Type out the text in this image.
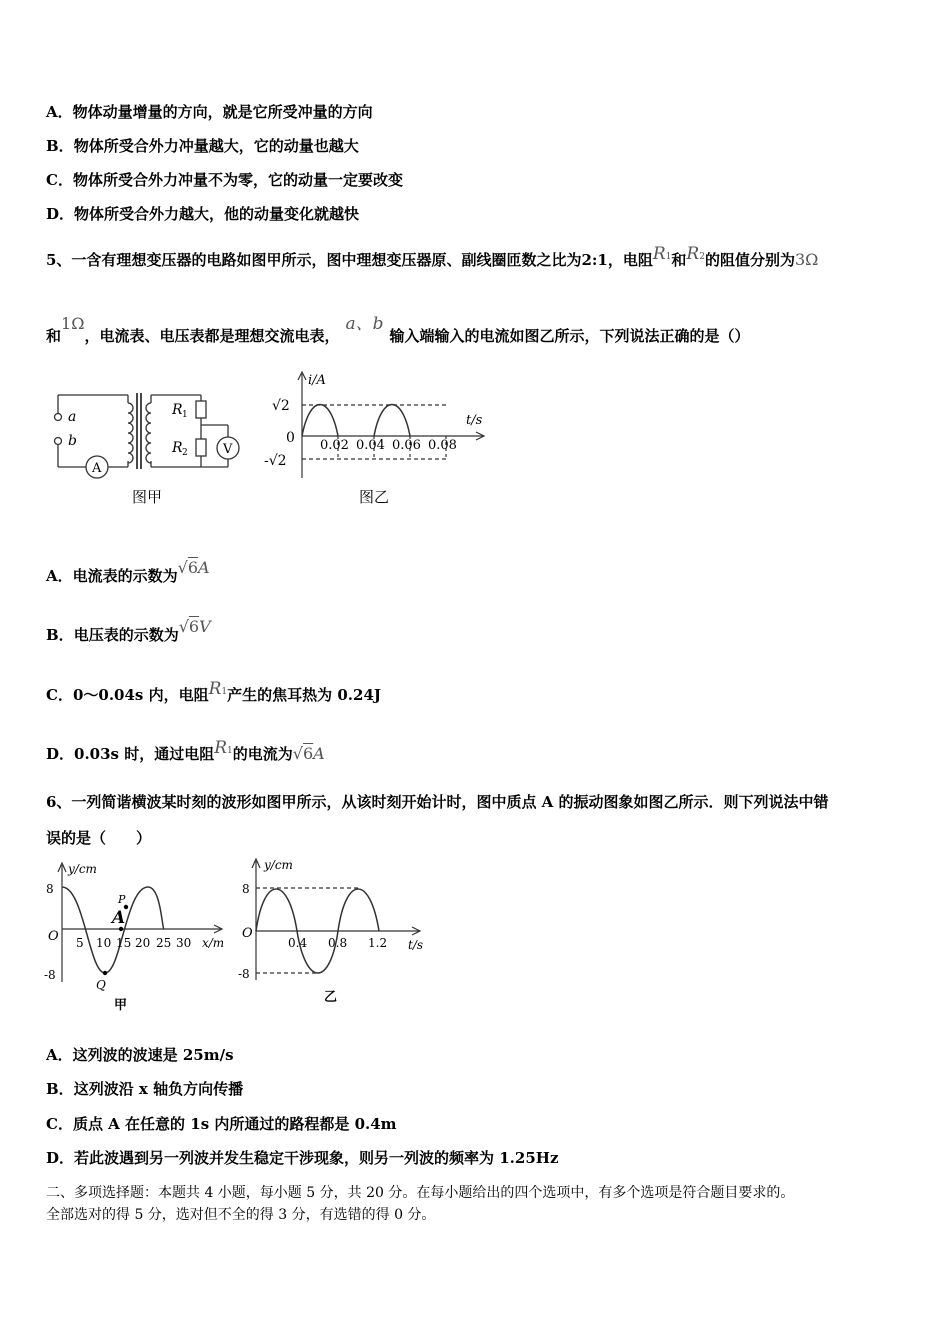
A．物体动量增量的方向，就是它所受冲量的方向
B．物体所受合外力冲量越大，它的动量也越大
C．物体所受合外力冲量不为零，它的动量一定要改变
D．物体所受合外力越大，他的动量变化就越快
5、一含有理想变压器的电路如图甲所示，图中理想变压器原、副线圈匝数之比为2:1，电阻R1和R2的阻值分别为3Ω
和1Ω，电流表、电压表都是理想交流电表，a、b输入端输入的电流如图乙所示，下列说法正确的是（）
a
b
R 1
R 2
A
V
图甲
i/A
t/s
√2
-√2
0 0.02 0.04 0.06 0.08
图乙
A．电流表的示数为√6A
B．电压表的示数为√6V
C．0～0.04s 内，电阻R1产生的焦耳热为 0.24J
D．0.03s 时，通过电阻R1的电流为√6A
6、一列简谐横波某时刻的波形如图甲所示，从该时刻开始计时，图中质点 A 的振动图象如图乙所示．则下列说法中错
误的是（　　）
y/cm
x/m
8
-8
O 5 10 15 20 25 30
P
A
Q
甲
y/cm
t/s
8
-8
O
0.4 0.8 1.2
乙
A．这列波的波速是 25m/s
B．这列波沿 x 轴负方向传播
C．质点 A 在任意的 1s 内所通过的路程都是 0.4m
D．若此波遇到另一列波并发生稳定干涉现象，则另一列波的频率为 1.25Hz
二、多项选择题：本题共 4 小题，每小题 5 分，共 20 分。在每小题给出的四个选项中，有多个选项是符合题目要求的。
全部选对的得 5 分，选对但不全的得 3 分，有选错的得 0 分。
